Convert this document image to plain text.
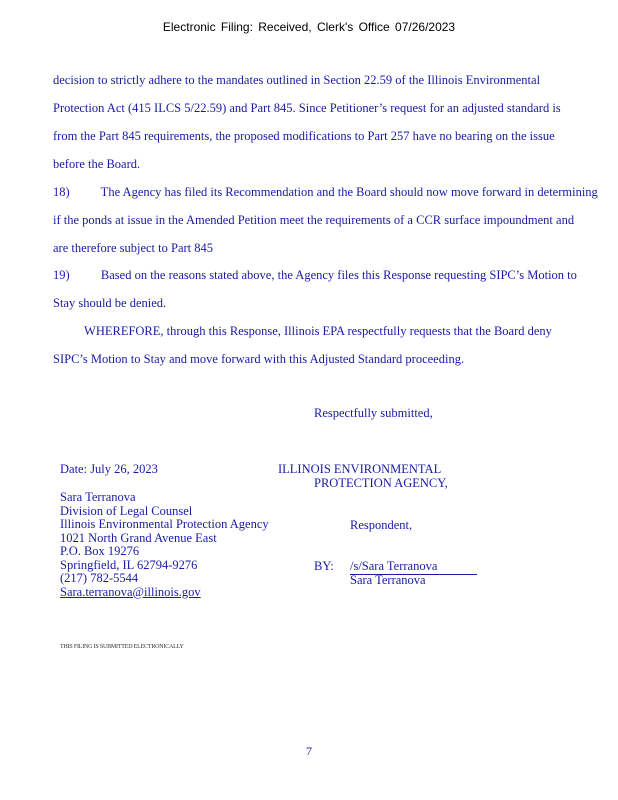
Electronic Filing: Received, Clerk's Office 07/26/2023
decision to strictly adhere to the mandates outlined in Section 22.59 of the Illinois Environmental
Protection Act (415 ILCS 5/22.59) and Part 845. Since Petitioner’s request for an adjusted standard is
from the Part 845 requirements, the proposed modifications to Part 257 have no bearing on the issue
before the Board.
18)          The Agency has filed its Recommendation and the Board should now move forward in determining
if the ponds at issue in the Amended Petition meet the requirements of a CCR surface impoundment and
are therefore subject to Part 845
19)          Based on the reasons stated above, the Agency files this Response requesting SIPC’s Motion to
Stay should be denied.
WHEREFORE, through this Response, Illinois EPA respectfully requests that the Board deny
SIPC’s Motion to Stay and move forward with this Adjusted Standard proceeding.
Respectfully submitted,
Date: July 26, 2023	ILLINOIS ENVIRONMENTAL
PROTECTION AGENCY,
Sara Terranova
Division of Legal Counsel
Illinois Environmental Protection Agency
1021 North Grand Avenue East
P.O. Box 19276
Springfield, IL 62794-9276
(217) 782-5544
Sara.terranova@illinois.gov
Respondent,
BY: /s/Sara Terranova
Sara Terranova
THIS FILING IS SUBMITTED ELECTRONICALLY
7
